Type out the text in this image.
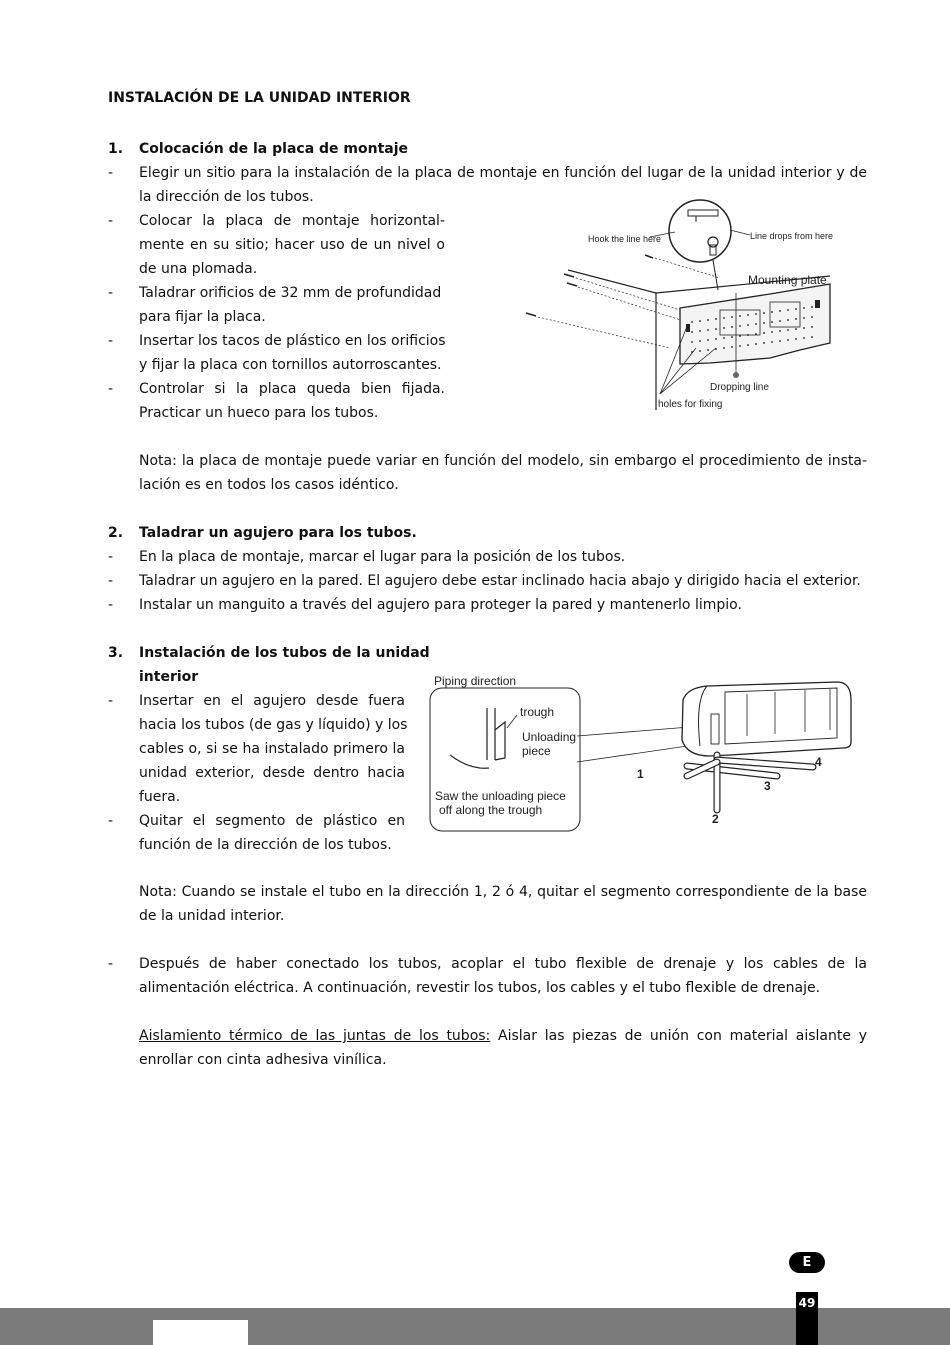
INSTALACIÓN DE LA UNIDAD INTERIOR
1. Colocación de la placa de montaje
- Elegir un sitio para la instalación de la placa de montaje en función del lugar de la unidad interior y de
la dirección de los tubos.
- Colocar la placa de montaje horizontal-
mente en su sitio; hacer uso de un nivel o
de una plomada.
- Taladrar orificios de 32 mm de profundidad
para fijar la placa.
- Insertar los tacos de plástico en los orificios
y fijar la placa con tornillos autorroscantes.
- Controlar si la placa queda bien fijada.
Practicar un hueco para los tubos.
Hook the line here	Line drops from here
Mounting plate
Dropping line
holes for fixing
Nota: la placa de montaje puede variar en función del modelo, sin embargo el procedimiento de insta-
lación es en todos los casos idéntico.
2. Taladrar un agujero para los tubos.
- En la placa de montaje, marcar el lugar para la posición de los tubos.
- Taladrar un agujero en la pared. El agujero debe estar inclinado hacia abajo y dirigido hacia el exterior.
- Instalar un manguito a través del agujero para proteger la pared y mantenerlo limpio.
3. Instalación de los tubos de la unidad
interior
- Insertar en el agujero desde fuera
hacia los tubos (de gas y líquido) y los
cables o, si se ha instalado primero la
unidad exterior, desde dentro hacia
fuera.
- Quitar el segmento de plástico en
función de la dirección de los tubos.
Piping direction
trough
Unloading
piece
Saw the unloading piece
off along the trough
1
2
3
4
Nota: Cuando se instale el tubo en la dirección 1, 2 ó 4, quitar el segmento correspondiente de la base
de la unidad interior.
- Después de haber conectado los tubos, acoplar el tubo flexible de drenaje y los cables de la
alimentación eléctrica. A continuación, revestir los tubos, los cables y el tubo flexible de drenaje.
Aislamiento térmico de las juntas de los tubos: Aislar las piezas de unión con material aislante y
enrollar con cinta adhesiva vinílica.
E
49
